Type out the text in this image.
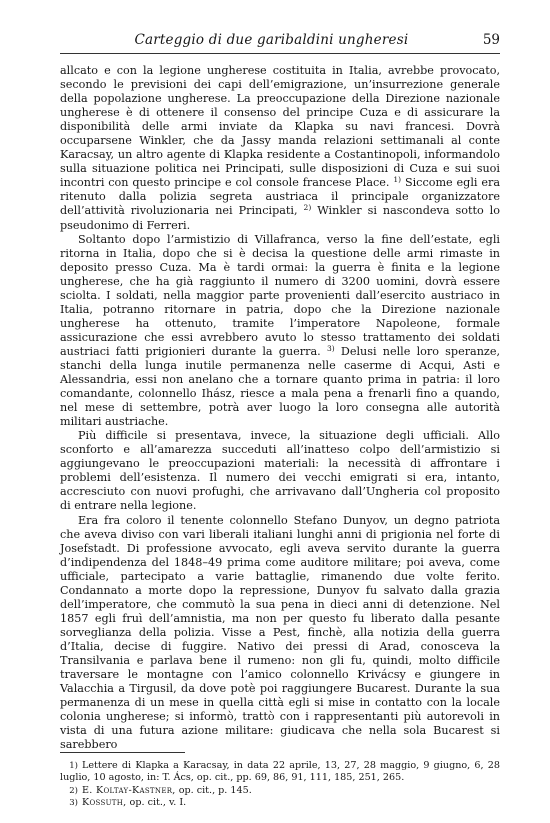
Carteggio di due garibaldini ungheresi	59

allcato e con la legione ungherese costituita in Italia, avrebbe provocato, secondo le previsioni dei capi dell’emigrazione, un’insurrezione generale della popolazione ungherese. La preoccupazione della Direzione nazionale ungherese è di ottenere il consenso del principe Cuza e di assicurare la disponibilità delle armi inviate da Klapka su navi francesi. Dovrà occuparsene Winkler, che da Jassy manda relazioni settimanali al conte Karacsay, un altro agente di Klapka residente a Costantinopoli, informandolo sulla situazione politica nei Principati, sulle disposizioni di Cuza e sui suoi incontri con questo principe e col console francese Place. $^{1)}$ Siccome egli era ritenuto dalla polizia segreta austriaca il principale organizzatore dell’attività rivoluzionaria nei Principati, $^{2)}$ Winkler si nascondeva sotto lo pseudonimo di Ferreri.

Soltanto dopo l’armistizio di Villafranca, verso la fine dell’estate, egli ritorna in Italia, dopo che si è decisa la questione delle armi rimaste in deposito presso Cuza. Ma è tardi ormai: la guerra è finita e la legione ungherese, che ha già raggiunto il numero di 3200 uomini, dovrà essere sciolta. I soldati, nella maggior parte provenienti dall’esercito austriaco in Italia, potranno ritornare in patria, dopo che la Direzione nazionale ungherese ha ottenuto, tramite l’imperatore Napoleone, formale assicurazione che essi avrebbero avuto lo stesso trattamento dei soldati austriaci fatti prigionieri durante la guerra. $^{3)}$ Delusi nelle loro speranze, stanchi della lunga inutile permanenza nelle caserme di Acqui, Asti e Alessandria, essi non anelano che a tornare quanto prima in patria: il loro comandante, colonnello Ihász, riesce a mala pena a frenarli fino a quando, nel mese di settembre, potrà aver luogo la loro consegna alle autorità militari austriache.

Più difficile si presentava, invece, la situazione degli ufficiali. Allo sconforto e all’amarezza succeduti all’inatteso colpo dell’armistizio si aggiungevano le preoccupazioni materiali: la necessità di affrontare i problemi dell’esistenza. Il numero dei vecchi emigrati si era, intanto, accresciuto con nuovi profughi, che arrivavano dall’Ungheria col proposito di entrare nella legione.

Era fra coloro il tenente colonnello Stefano Dunyov, un degno patriota che aveva diviso con vari liberali italiani lunghi anni di prigionia nel forte di Josefstadt. Di professione avvocato, egli aveva servito durante la guerra d’indipendenza del 1848–49 prima come auditore militare; poi aveva, come ufficiale, partecipato a varie battaglie, rimanendo due volte ferito. Condannato a morte dopo la repressione, Dunyov fu salvato dalla grazia dell’imperatore, che commutò la sua pena in dieci anni di detenzione. Nel 1857 egli fruì dell’amnistia, ma non per questo fu liberato dalla pesante sorveglianza della polizia. Visse a Pest, finchè, alla notizia della guerra d’Italia, decise di fuggire. Nativo dei pressi di Arad, conosceva la Transilvania e parlava bene il rumeno: non gli fu, quindi, molto difficile traversare le montagne con l’amico colonnello Krivácsy e giungere in Valacchia a Tirgusil, da dove potè poi raggiungere Bucarest. Durante la sua permanenza di un mese in quella città egli si mise in contatto con la locale colonia ungherese; si informò, trattò con i rappresentanti più autorevoli in vista di una futura azione militare: giudicava che nella sola Bucarest si sarebbero

1) Lettere di Klapka a Karacsay, in data 22 aprile, 13, 27, 28 maggio, 9 giugno, 6, 28 luglio, 10 agosto, in: T. Ács, op. cit., pp. 69, 86, 91, 111, 185, 251, 265.

2) E. Koltay-Kastner, op. cit., p. 145.

3) Kossuth, op. cit., v. I.
